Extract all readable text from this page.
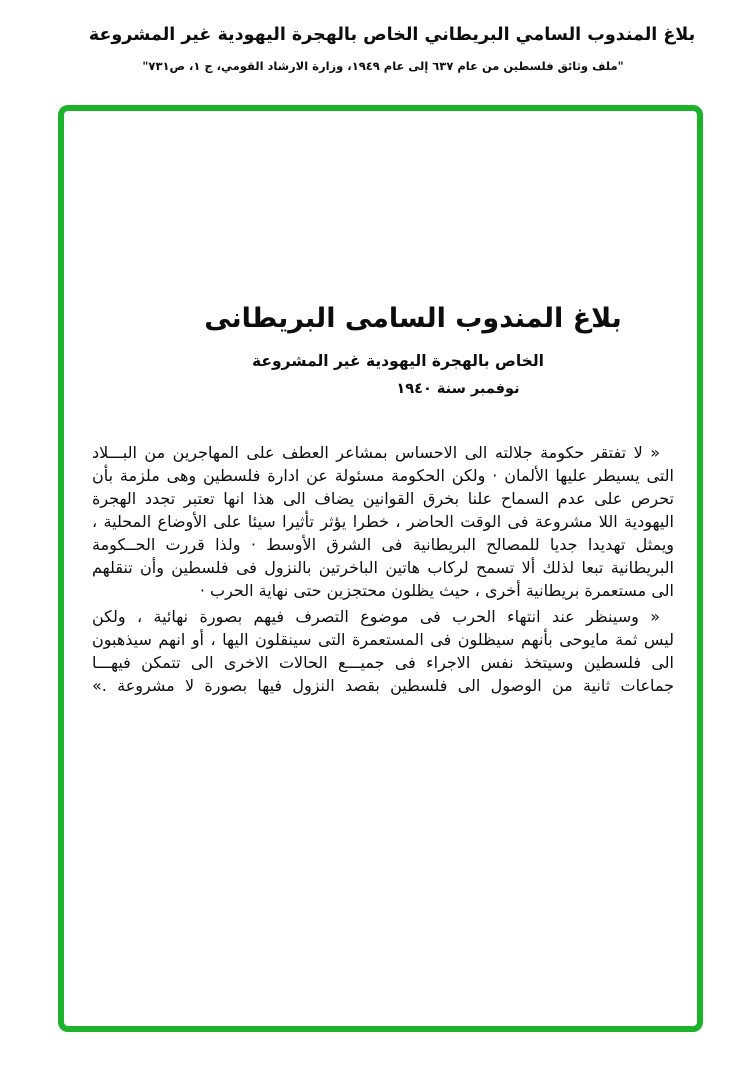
بلاغ المندوب السامي البريطاني الخاص بالهجرة اليهودية غير المشروعة
"ملف وثائق فلسطين من عام ٦٣٧ إلى عام ١٩٤٩، وزارة الارشاد القومي، ج ١، ص٧٣١"
بلاغ المندوب السامى البريطانى
الخاص بالهجرة اليهودية غير المشروعة
نوفمبر سنة ١٩٤٠
« لا تفتقر حكومة جلالته الى الاحساس بمشاعر العطف على المهاجرين من البـــلاد
التى يسيطر عليها الألمان · ولكن الحكومة مسئولة عن ادارة فلسطين وهى ملزمة بأن
تحرص على عدم السماح علنا بخرق القوانين يضاف الى هذا انها تعتبر تجدد الهجرة
اليهودية اللا مشروعة فى الوقت الحاضر ، خطرا يؤثر تأثيرا سيئا على الأوضاع المحلية ،
ويمثل تهديدا جديا للمصالح البريطانية فى الشرق الأوسط · ولذا قررت الحــكومة
البريطانية تبعا لذلك ألا تسمح لركاب هاتين الباخرتين بالنزول فى فلسطين وأن تنقلهم
الى مستعمرة بريطانية أخرى ، حيث يظلون محتجزين حتى نهاية الحرب ·
« وسينظر عند انتهاء الحرب فى موضوع التصرف فيهم بصورة نهائية ، ولكن
ليس ثمة مايوحى بأنهم سيظلون فى المستعمرة التى سينقلون اليها ، أو انهم سيذهبون
الى فلسطين وسيتخذ نفس الاجراء فى جميـــع الحالات الاخرى الى تتمكن فيهـــا
جماعات ثانية من الوصول الى فلسطين بقصد النزول فيها بصورة لا مشروعة .»
